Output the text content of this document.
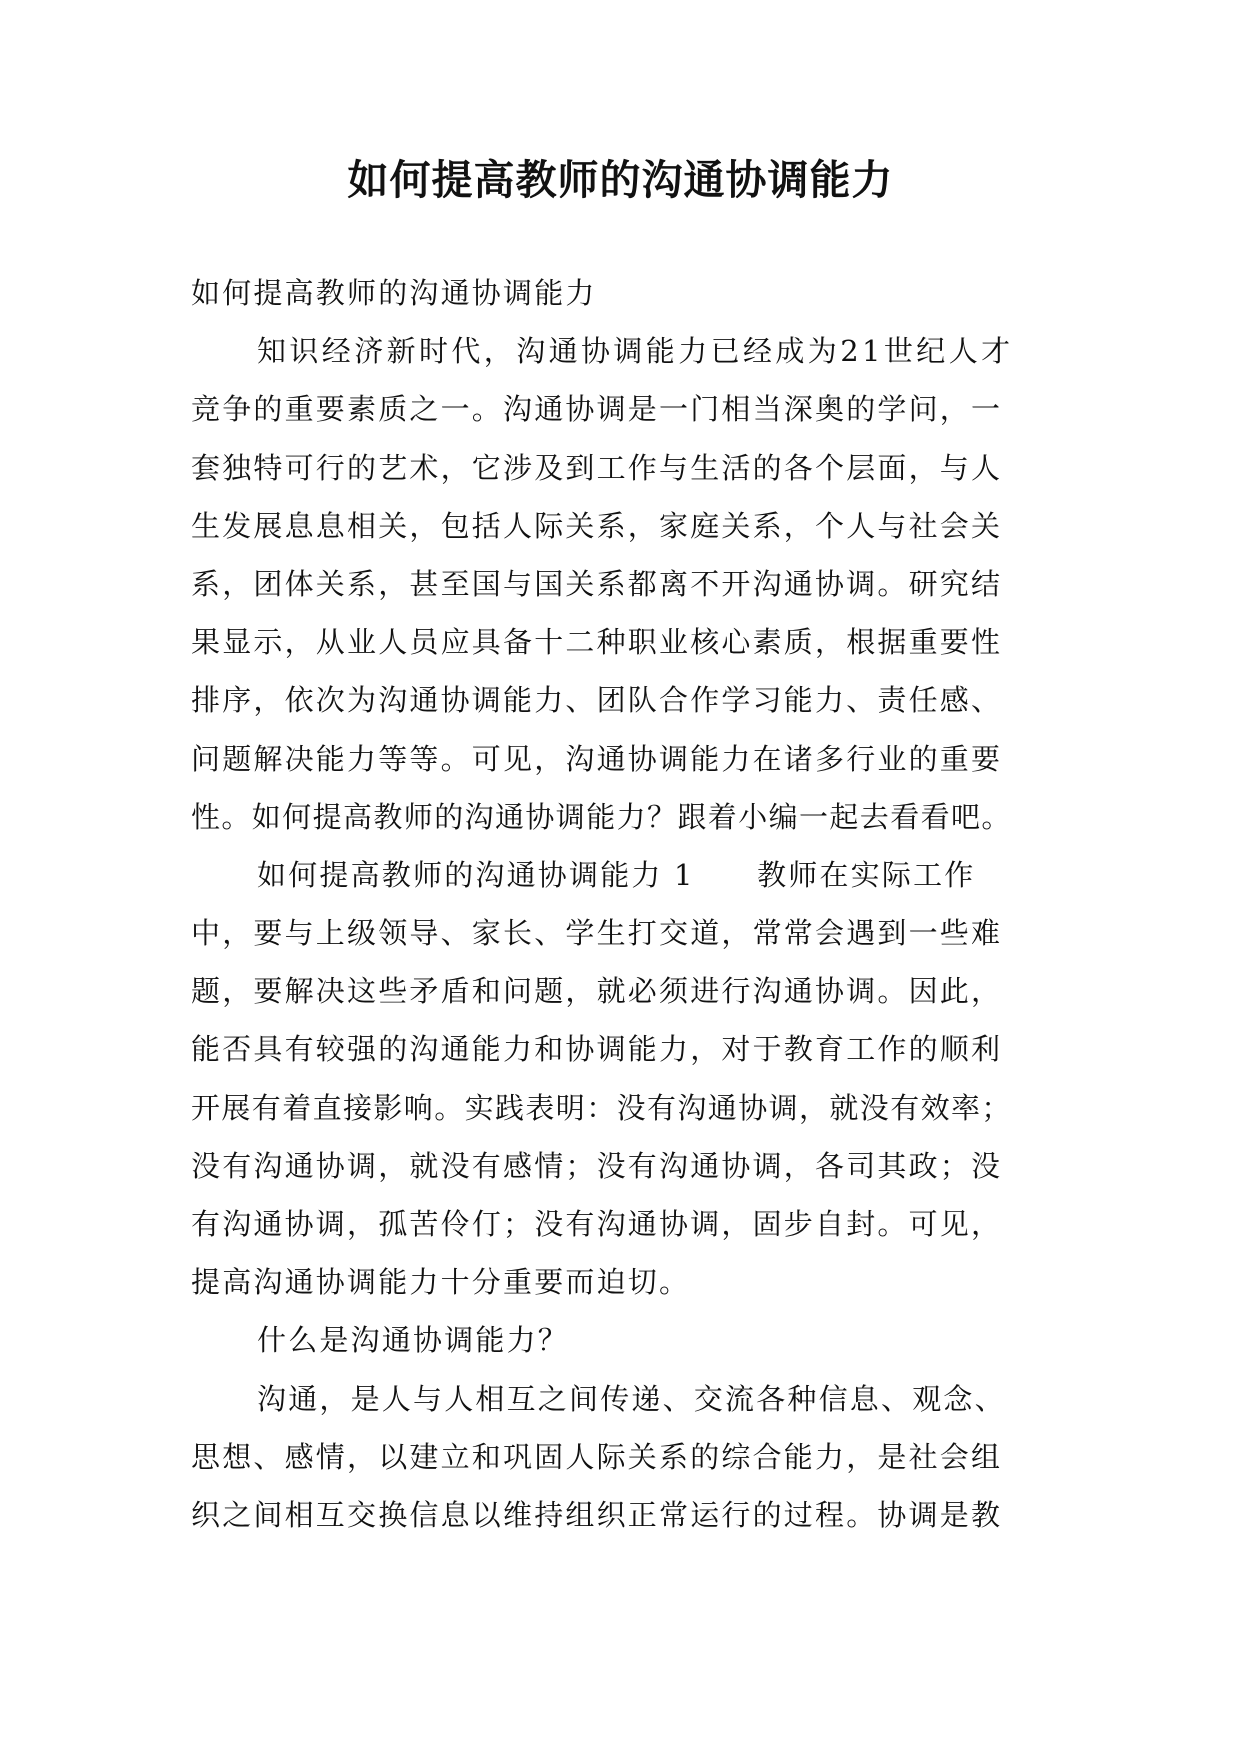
如何提高教师的沟通协调能力
如何提高教师的沟通协调能力
知识经济新时代，沟通协调能力已经成为21世纪人才
竞争的重要素质之一。沟通协调是一门相当深奥的学问，一
套独特可行的艺术，它涉及到工作与生活的各个层面，与人
生发展息息相关，包括人际关系，家庭关系，个人与社会关
系，团体关系，甚至国与国关系都离不开沟通协调。研究结
果显示，从业人员应具备十二种职业核心素质，根据重要性
排序，依次为沟通协调能力、团队合作学习能力、责任感、
问题解决能力等等。可见，沟通协调能力在诸多行业的重要
性。如何提高教师的沟通协调能力？跟着小编一起去看看吧。
如何提高教师的沟通协调能力 1　　教师在实际工作
中，要与上级领导、家长、学生打交道，常常会遇到一些难
题，要解决这些矛盾和问题，就必须进行沟通协调。因此，
能否具有较强的沟通能力和协调能力，对于教育工作的顺利
开展有着直接影响。实践表明：没有沟通协调，就没有效率；
没有沟通协调，就没有感情；没有沟通协调，各司其政；没
有沟通协调，孤苦伶仃；没有沟通协调，固步自封。可见，
提高沟通协调能力十分重要而迫切。
什么是沟通协调能力？
沟通，是人与人相互之间传递、交流各种信息、观念、
思想、感情，以建立和巩固人际关系的综合能力，是社会组
织之间相互交换信息以维持组织正常运行的过程。协调是教
